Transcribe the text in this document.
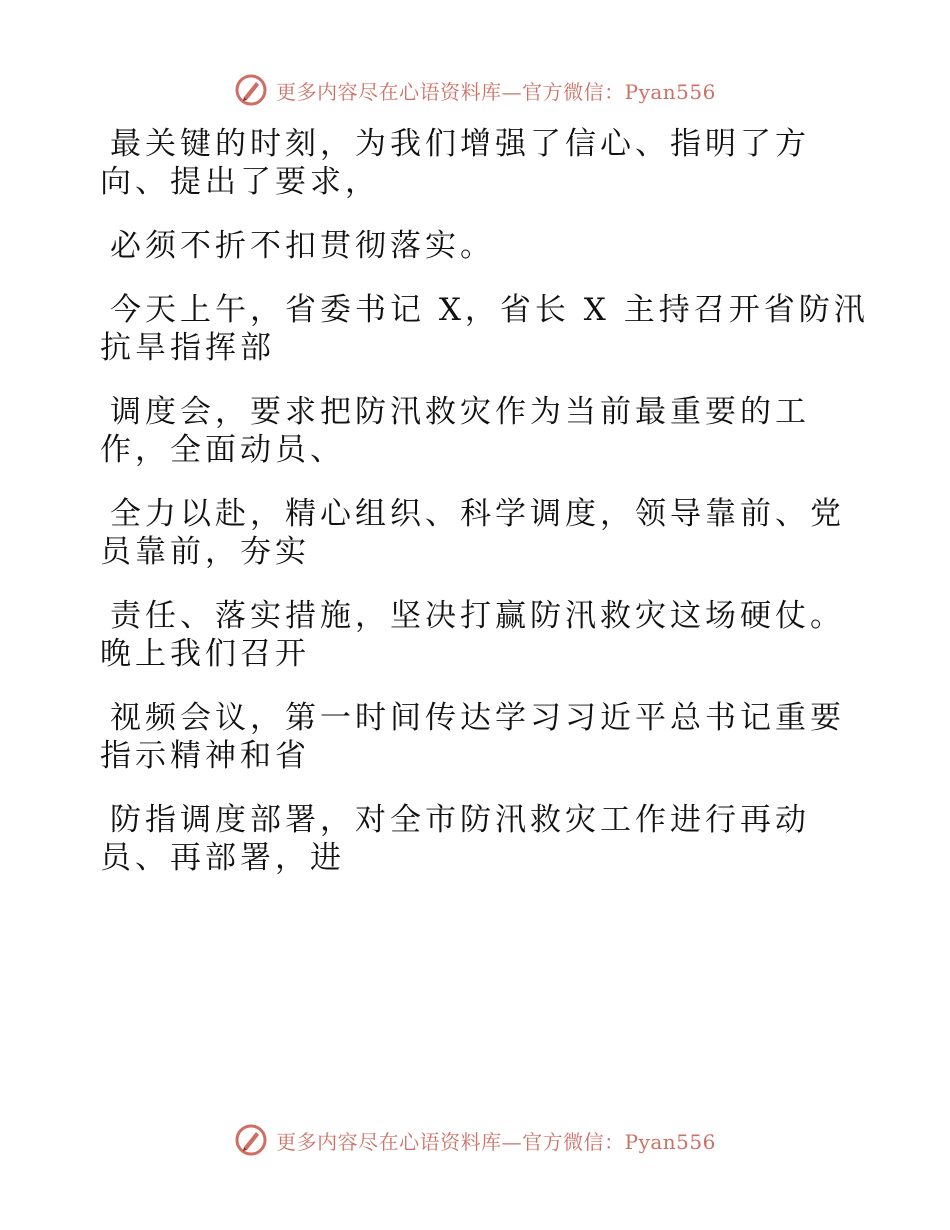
更多内容尽在心语资料库—官方微信：Pyan556

最关键的时刻，为我们增强了信心、指明了方
向、提出了要求，

必须不折不扣贯彻落实。

今天上午，省委书记 X，省长 X 主持召开省防汛
抗旱指挥部

调度会，要求把防汛救灾作为当前最重要的工
作，全面动员、

全力以赴，精心组织、科学调度，领导靠前、党
员靠前，夯实

责任、落实措施，坚决打赢防汛救灾这场硬仗。
晚上我们召开

视频会议，第一时间传达学习习近平总书记重要
指示精神和省

防指调度部署，对全市防汛救灾工作进行再动
员、再部署，进

更多内容尽在心语资料库—官方微信：Pyan556
